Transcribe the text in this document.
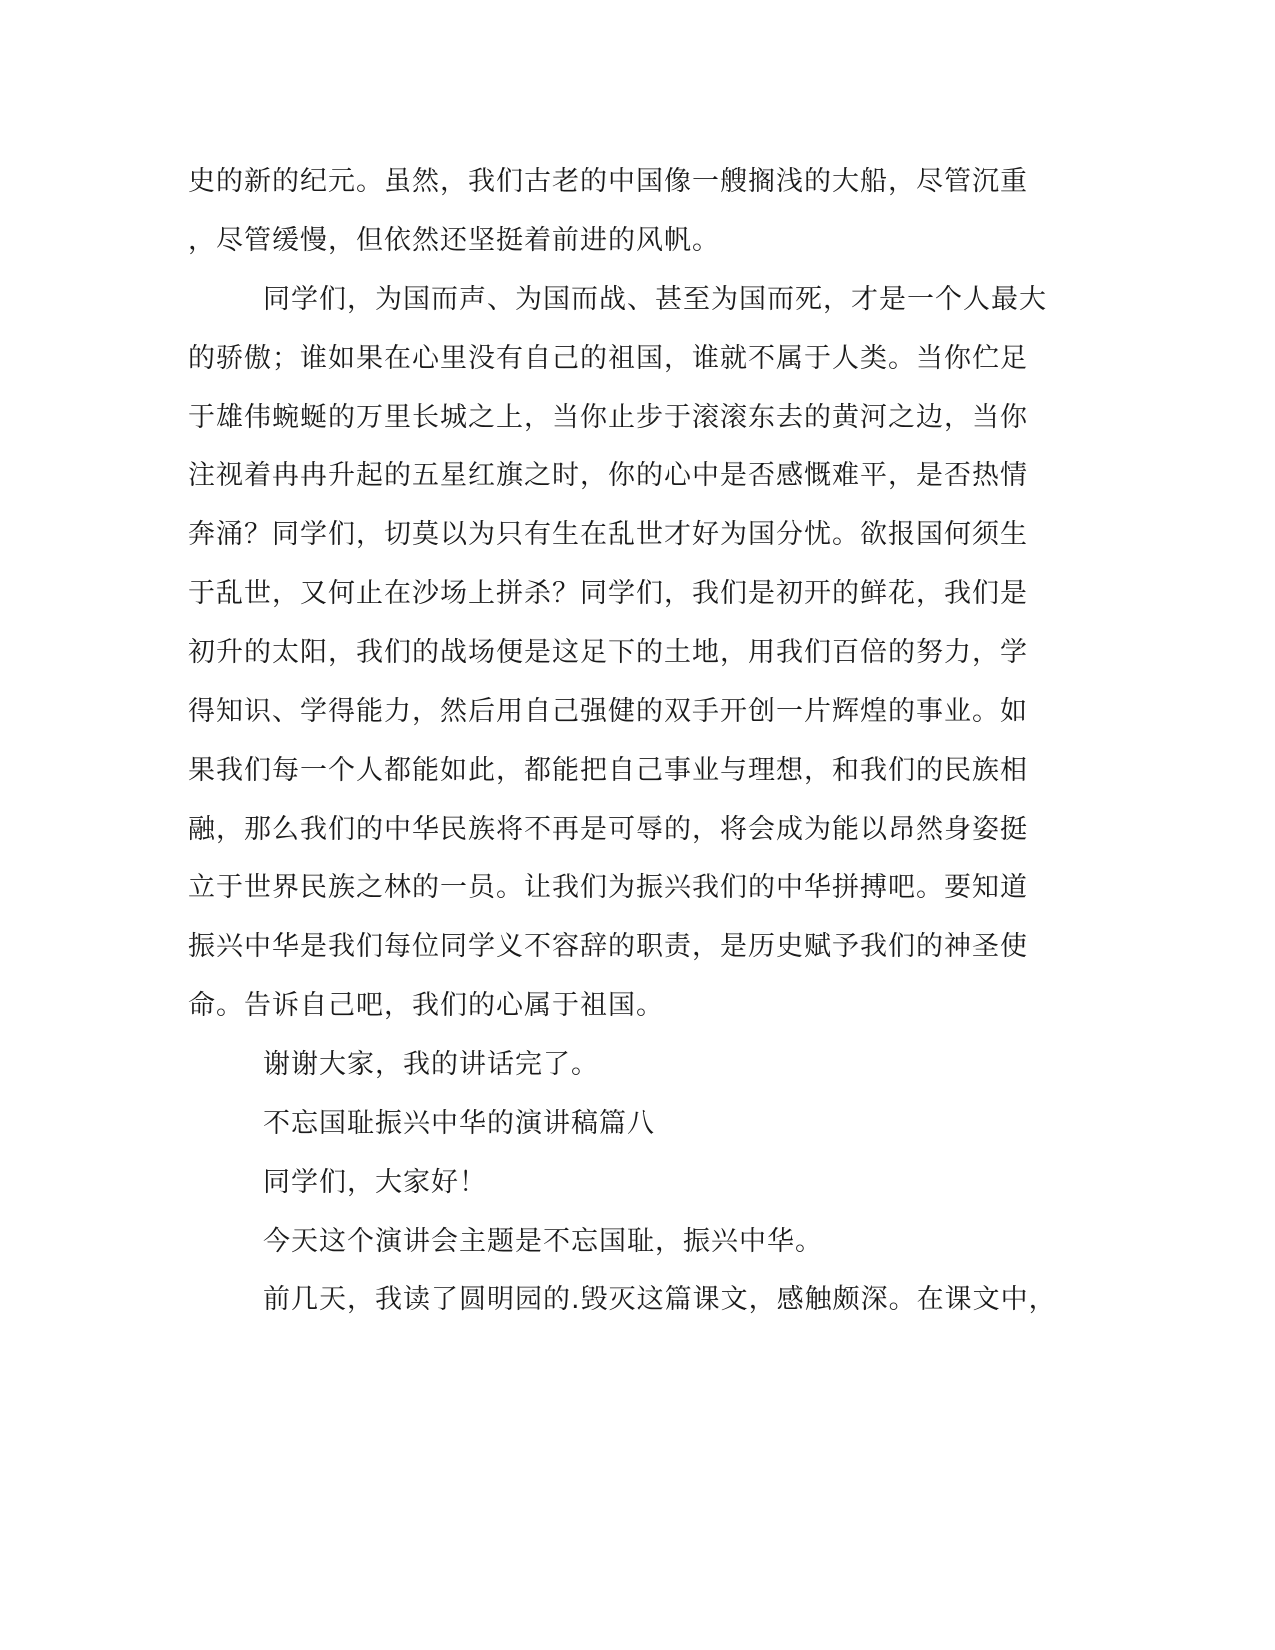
史的新的纪元。虽然，我们古老的中国像一艘搁浅的大船，尽管沉重
，尽管缓慢，但依然还坚挺着前进的风帆。
同学们，为国而声、为国而战、甚至为国而死，才是一个人最大
的骄傲；谁如果在心里没有自己的祖国，谁就不属于人类。当你伫足
于雄伟蜿蜒的万里长城之上，当你止步于滚滚东去的黄河之边，当你
注视着冉冉升起的五星红旗之时，你的心中是否感慨难平，是否热情
奔涌？同学们，切莫以为只有生在乱世才好为国分忧。欲报国何须生
于乱世，又何止在沙场上拼杀？同学们，我们是初开的鲜花，我们是
初升的太阳，我们的战场便是这足下的土地，用我们百倍的努力，学
得知识、学得能力，然后用自己强健的双手开创一片辉煌的事业。如
果我们每一个人都能如此，都能把自己事业与理想，和我们的民族相
融，那么我们的中华民族将不再是可辱的，将会成为能以昂然身姿挺
立于世界民族之林的一员。让我们为振兴我们的中华拼搏吧。要知道
振兴中华是我们每位同学义不容辞的职责，是历史赋予我们的神圣使
命。告诉自己吧，我们的心属于祖国。
谢谢大家，我的讲话完了。
不忘国耻振兴中华的演讲稿篇八
同学们，大家好！
今天这个演讲会主题是不忘国耻，振兴中华。
前几天，我读了圆明园的.毁灭这篇课文，感触颇深。在课文中，
